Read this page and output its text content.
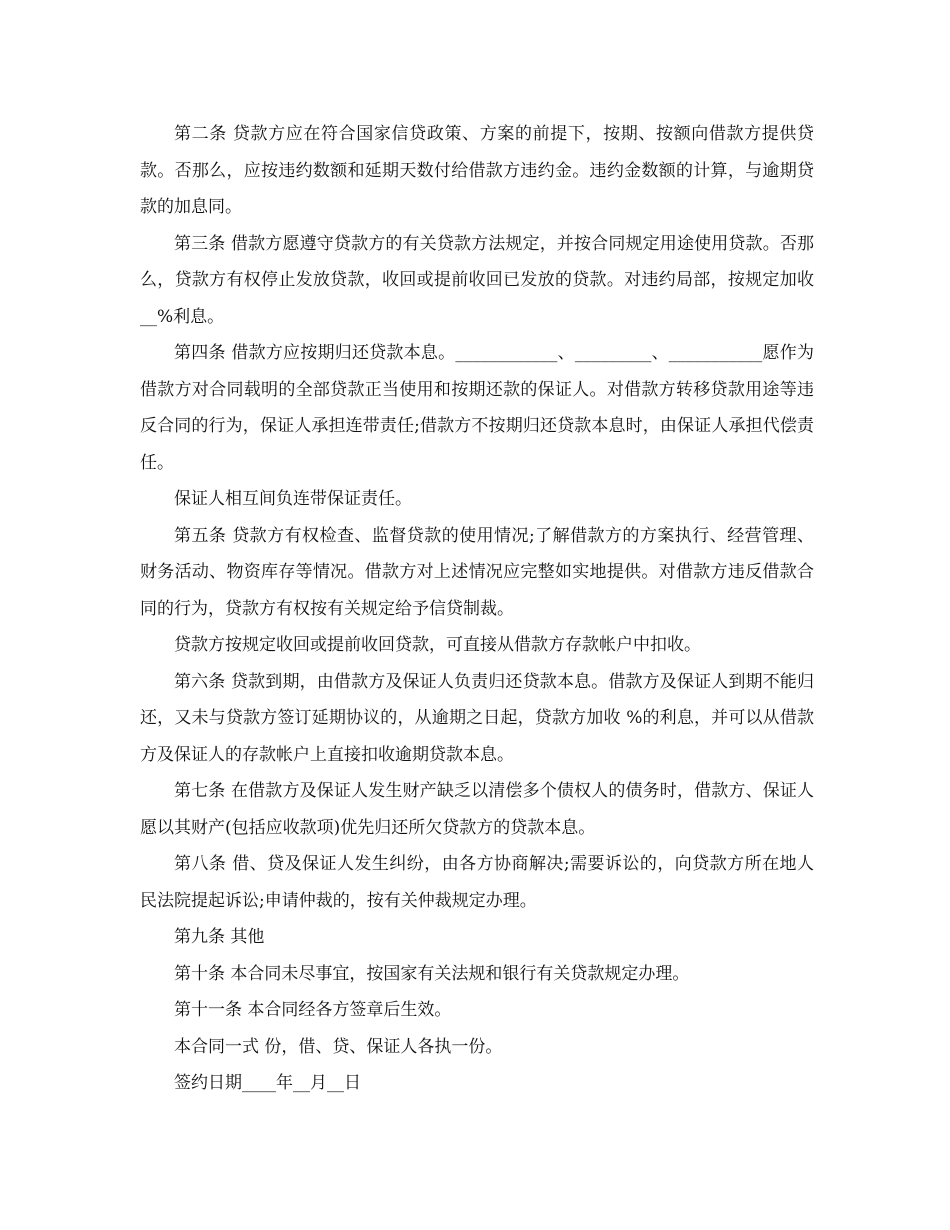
第二条 贷款方应在符合国家信贷政策、方案的前提下，按期、按额向借款方提供贷款。否那么，应按违约数额和延期天数付给借款方违约金。违约金数额的计算，与逾期贷款的加息同。

第三条 借款方愿遵守贷款方的有关贷款方法规定，并按合同规定用途使用贷款。否那么，贷款方有权停止发放贷款，收回或提前收回已发放的贷款。对违约局部，按规定加收__%利息。

第四条 借款方应按期归还贷款本息。____________、_________、___________愿作为借款方对合同载明的全部贷款正当使用和按期还款的保证人。对借款方转移贷款用途等违反合同的行为，保证人承担连带责任;借款方不按期归还贷款本息时，由保证人承担代偿责任。

保证人相互间负连带保证责任。

第五条 贷款方有权检查、监督贷款的使用情况;了解借款方的方案执行、经营管理、财务活动、物资库存等情况。借款方对上述情况应完整如实地提供。对借款方违反借款合同的行为，贷款方有权按有关规定给予信贷制裁。

贷款方按规定收回或提前收回贷款，可直接从借款方存款帐户中扣收。

第六条 贷款到期，由借款方及保证人负责归还贷款本息。借款方及保证人到期不能归还，又未与贷款方签订延期协议的，从逾期之日起，贷款方加收 %的利息，并可以从借款方及保证人的存款帐户上直接扣收逾期贷款本息。

第七条 在借款方及保证人发生财产缺乏以清偿多个债权人的债务时，借款方、保证人愿以其财产(包括应收款项)优先归还所欠贷款方的贷款本息。

第八条 借、贷及保证人发生纠纷，由各方协商解决;需要诉讼的，向贷款方所在地人民法院提起诉讼;申请仲裁的，按有关仲裁规定办理。

第九条 其他

第十条 本合同未尽事宜，按国家有关法规和银行有关贷款规定办理。

第十一条 本合同经各方签章后生效。

本合同一式 份，借、贷、保证人各执一份。

签约日期____年__月__日
